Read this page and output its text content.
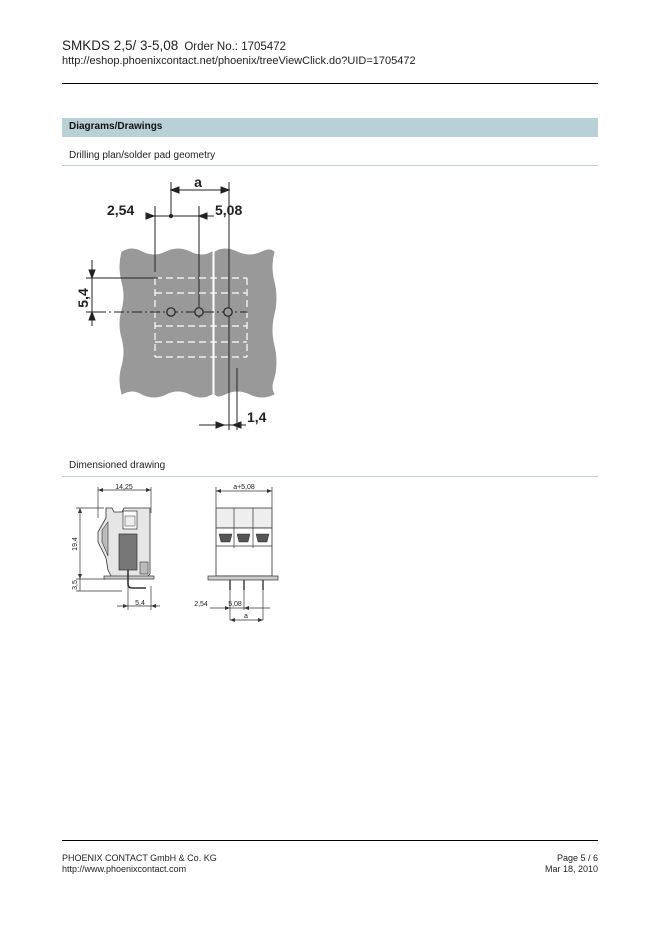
SMKDS 2,5/ 3-5,08 Order No.: 1705472
http://eshop.phoenixcontact.net/phoenix/treeViewClick.do?UID=1705472
Diagrams/Drawings
Drilling plan/solder pad geometry
a
2,54	5,08
5,4
1,4
Dimensioned drawing
14,25
19,4
3,5
5,4
a+5,08
2,54	5,08
a
PHOENIX CONTACT GmbH & Co. KG
http://www.phoenixcontact.com
Page 5 / 6
Mar 18, 2010
